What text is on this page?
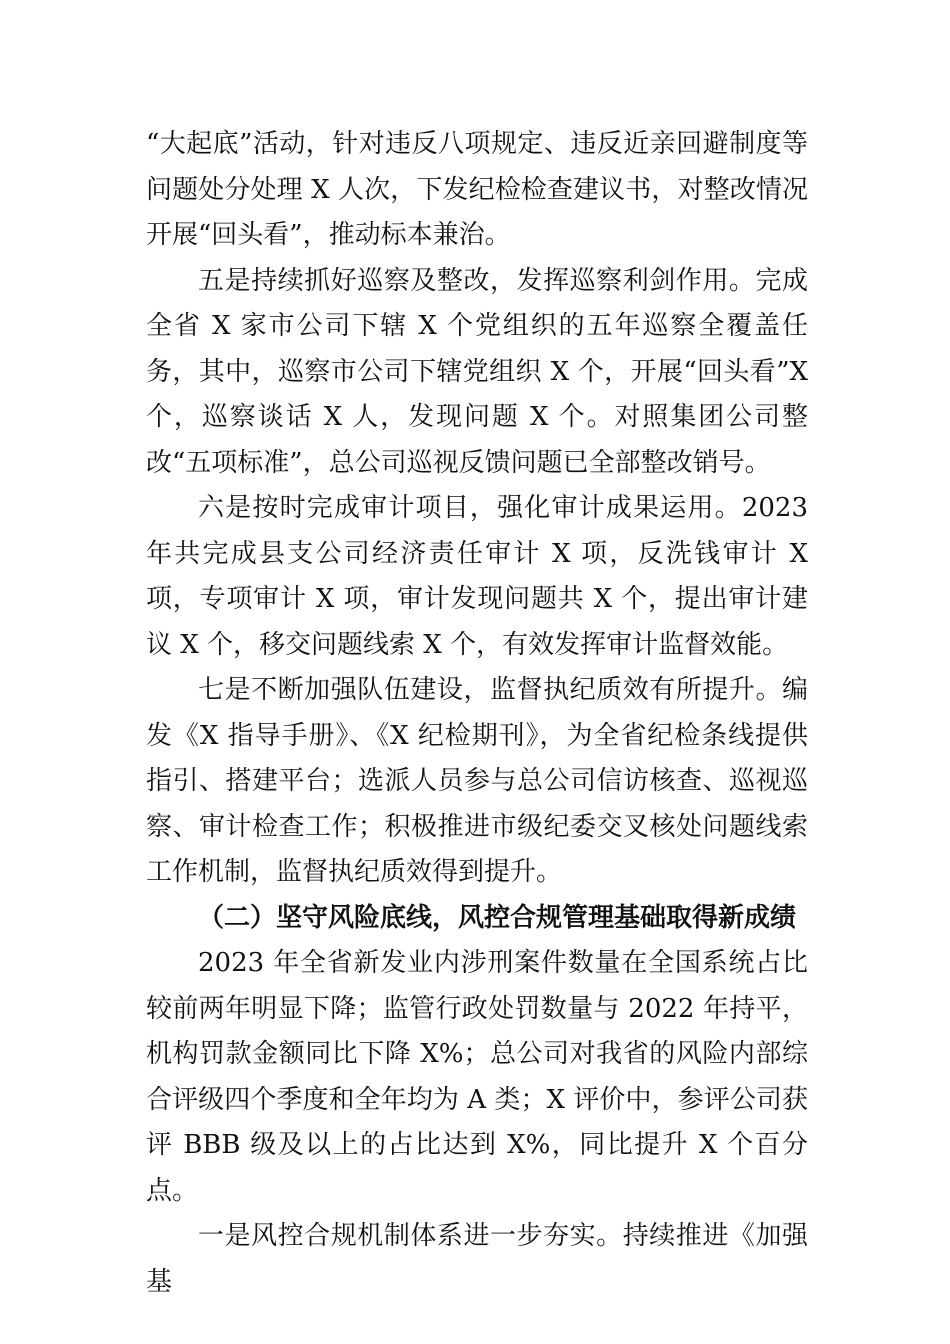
“大起底”活动，针对违反八项规定、违反近亲回避制度等问题处分处理 X 人次，下发纪检检查建议书，对整改情况开展“回头看”，推动标本兼治。

五是持续抓好巡察及整改，发挥巡察利剑作用。完成全省 X 家市公司下辖 X 个党组织的五年巡察全覆盖任务，其中，巡察市公司下辖党组织 X 个，开展“回头看”X 个，巡察谈话 X 人，发现问题 X 个。对照集团公司整改“五项标准”，总公司巡视反馈问题已全部整改销号。

六是按时完成审计项目，强化审计成果运用。2023 年共完成县支公司经济责任审计 X 项，反洗钱审计 X 项，专项审计 X 项，审计发现问题共 X 个，提出审计建议 X 个，移交问题线索 X 个，有效发挥审计监督效能。

七是不断加强队伍建设，监督执纪质效有所提升。编发《X 指导手册》、《X 纪检期刊》，为全省纪检条线提供指引、搭建平台；选派人员参与总公司信访核查、巡视巡察、审计检查工作；积极推进市级纪委交叉核处问题线索工作机制，监督执纪质效得到提升。

（二）坚守风险底线，风控合规管理基础取得新成绩

2023 年全省新发业内涉刑案件数量在全国系统占比较前两年明显下降；监管行政处罚数量与 2022 年持平，机构罚款金额同比下降 X%；总公司对我省的风险内部综合评级四个季度和全年均为 A 类；X 评价中，参评公司获评 BBB 级及以上的占比达到 X%，同比提升 X 个百分点。

一是风控合规机制体系进一步夯实。持续推进《加强基
